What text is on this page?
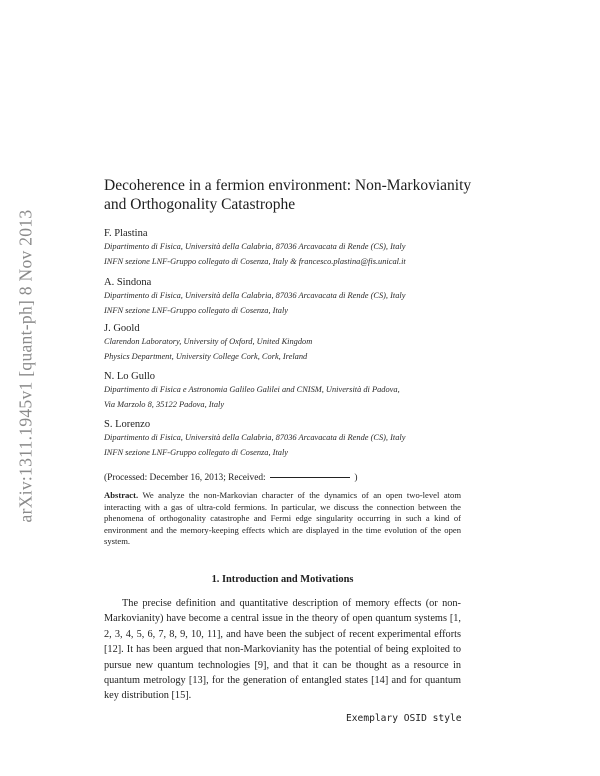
arXiv:1311.1945v1 [quant-ph] 8 Nov 2013
Decoherence in a fermion environment: Non-Markovianity
and Orthogonality Catastrophe
F. Plastina
Dipartimento di Fisica, Università della Calabria, 87036 Arcavacata di Rende (CS), Italy
INFN sezione LNF-Gruppo collegato di Cosenza, Italy & francesco.plastina@fis.unical.it
A. Sindona
Dipartimento di Fisica, Università della Calabria, 87036 Arcavacata di Rende (CS), Italy
INFN sezione LNF-Gruppo collegato di Cosenza, Italy
J. Goold
Clarendon Laboratory, University of Oxford, United Kingdom
Physics Department, University College Cork, Cork, Ireland
N. Lo Gullo
Dipartimento di Fisica e Astronomia Galileo Galilei and CNISM, Università di Padova,
Via Marzolo 8, 35122 Padova, Italy
S. Lorenzo
Dipartimento di Fisica, Università della Calabria, 87036 Arcavacata di Rende (CS), Italy
INFN sezione LNF-Gruppo collegato di Cosenza, Italy
(Processed: December 16, 2013; Received:	)
Abstract. We analyze the non-Markovian character of the dynamics of an open two-level atom interacting with a gas of ultra-cold fermions. In particular, we discuss the connection between the phenomena of orthogonality catastrophe and Fermi edge singularity occurring in such a kind of environment and the memory-keeping effects which are displayed in the time evolution of the open system.
1. Introduction and Motivations

The precise definition and quantitative description of memory effects (or non-Markovianity) have become a central issue in the theory of open quantum systems [1, 2, 3, 4, 5, 6, 7, 8, 9, 10, 11], and have been the subject of recent experimental efforts [12]. It has been argued that non-Markovianity has the potential of being exploited to pursue new quantum technologies [9], and that it can be thought as a resource in quantum metrology [13], for the generation of entangled states [14] and for quantum key distribution [15].

Exemplary OSID style
